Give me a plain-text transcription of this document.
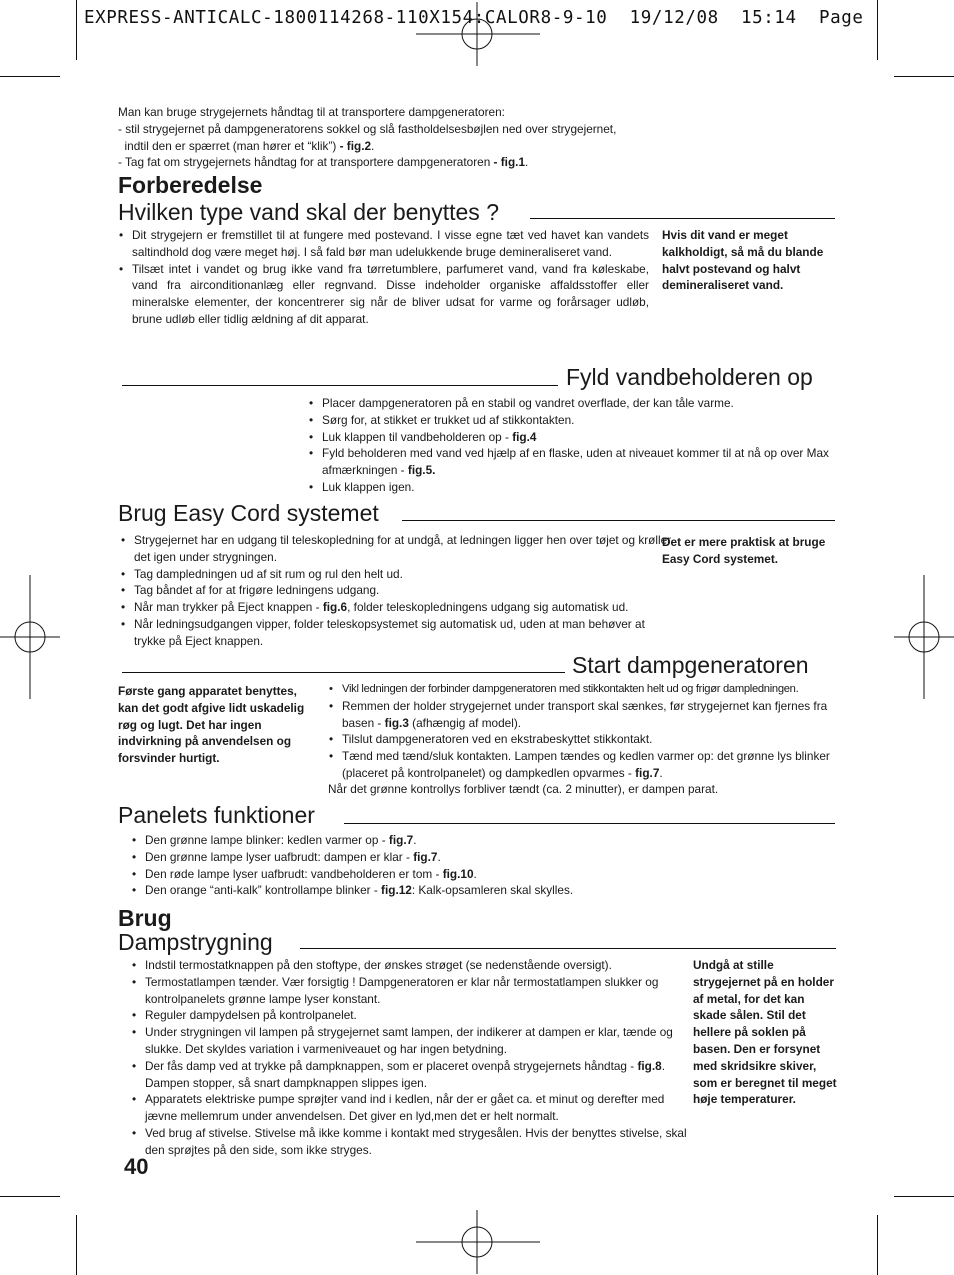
EXPRESS-ANTICALC-1800114268-110X154:CALOR8-9-10  19/12/08  15:14  Page

Man kan bruge strygejernets håndtag til at transportere dampgeneratoren:

- stil strygejernet på dampgeneratorens sokkel og slå fastholdelsesbøjlen ned over strygejernet,

indtil den er spærret (man hører et “klik”) - fig.2.

- Tag fat om strygejernets håndtag for at transportere dampgeneratoren - fig.1.

Forberedelse
Hvilken type vand skal der benyttes ?
• Dit strygejern er fremstillet til at fungere med postevand. I visse egne tæt ved havet kan vandets saltindhold dog være meget høj. I så fald bør man udelukkende bruge demineraliseret vand.
• Tilsæt intet i vandet og brug ikke vand fra tørretumblere, parfumeret vand, vand fra køleskabe, vand fra airconditionanlæg eller regnvand. Disse indeholder organiske affaldsstoffer eller mineralske elementer, der koncentrerer sig når de bliver udsat for varme og forårsager udløb, brune udløb eller tidlig ældning af dit apparat.
Hvis dit vand er meget kalkholdigt, så må du blande halvt postevand og halvt demineraliseret vand.
Fyld vandbeholderen op
• Placer dampgeneratoren på en stabil og vandret overflade, der kan tåle varme.
• Sørg for, at stikket er trukket ud af stikkontakten.
• Luk klappen til vandbeholderen op - fig.4
• Fyld beholderen med vand ved hjælp af en flaske, uden at niveauet kommer til at nå op over Max afmærkningen - fig.5.
• Luk klappen igen.
Brug Easy Cord systemet
• Strygejernet har en udgang til teleskopledning for at undgå, at ledningen ligger hen over tøjet og krøller det igen under strygningen.
• Tag dampledningen ud af sit rum og rul den helt ud.
• Tag båndet af for at frigøre ledningens udgang.
• Når man trykker på Eject knappen - fig.6, folder teleskopledningens udgang sig automatisk ud.
• Når ledningsudgangen vipper, folder teleskopsystemet sig automatisk ud, uden at man behøver at trykke på Eject knappen.
Det er mere praktisk at bruge Easy Cord systemet.
Start dampgeneratoren
Første gang apparatet benyttes, kan det godt afgive lidt uskadelig røg og lugt. Det har ingen
indvirkning på anvendelsen og forsvinder hurtigt.
• Vikl ledningen der forbinder dampgeneratoren med stikkontakten helt ud og frigør dampledningen.
• Remmen der holder strygejernet under transport skal sænkes, før strygejernet kan fjernes fra basen - fig.3 (afhængig af model).
• Tilslut dampgeneratoren ved en ekstrabeskyttet stikkontakt.
• Tænd med tænd/sluk kontakten. Lampen tændes og kedlen varmer op: det grønne lys blinker (placeret på kontrolpanelet) og dampkedlen opvarmes - fig.7.
Når det grønne kontrollys forbliver tændt (ca. 2 minutter), er dampen parat.
Panelets funktioner
• Den grønne lampe blinker: kedlen varmer op - fig.7.
• Den grønne lampe lyser uafbrudt: dampen er klar - fig.7.
• Den røde lampe lyser uafbrudt: vandbeholderen er tom - fig.10.
• Den orange “anti-kalk” kontrollampe blinker - fig.12: Kalk-opsamleren skal skylles.
Brug
Dampstrygning
• Indstil termostatknappen på den stoftype, der ønskes strøget (se nedenstående oversigt).
• Termostatlampen tænder. Vær forsigtig ! Dampgeneratoren er klar når termostatlampen slukker og kontrolpanelets grønne lampe lyser konstant.
• Reguler dampydelsen på kontrolpanelet.
• Under strygningen vil lampen på strygejernet samt lampen, der indikerer at dampen er klar, tænde og slukke. Det skyldes variation i varmeniveauet og har ingen betydning.
• Der fås damp ved at trykke på dampknappen, som er placeret ovenpå strygejernets håndtag - fig.8. Dampen stopper, så snart dampknappen slippes igen.
• Apparatets elektriske pumpe sprøjter vand ind i kedlen, når der er gået ca. et minut og derefter med jævne mellemrum under anvendelsen. Det giver en lyd,men det er helt normalt.
• Ved brug af stivelse. Stivelse må ikke komme i kontakt med strygesålen. Hvis der benyttes stivelse, skal den sprøjtes på den side, som ikke stryges.
Undgå at stille strygejernet på en holder af metal, for det kan skade sålen. Stil det hellere på soklen på basen. Den er forsynet med skridsikre skiver, som er beregnet til meget høje temperaturer.
40
